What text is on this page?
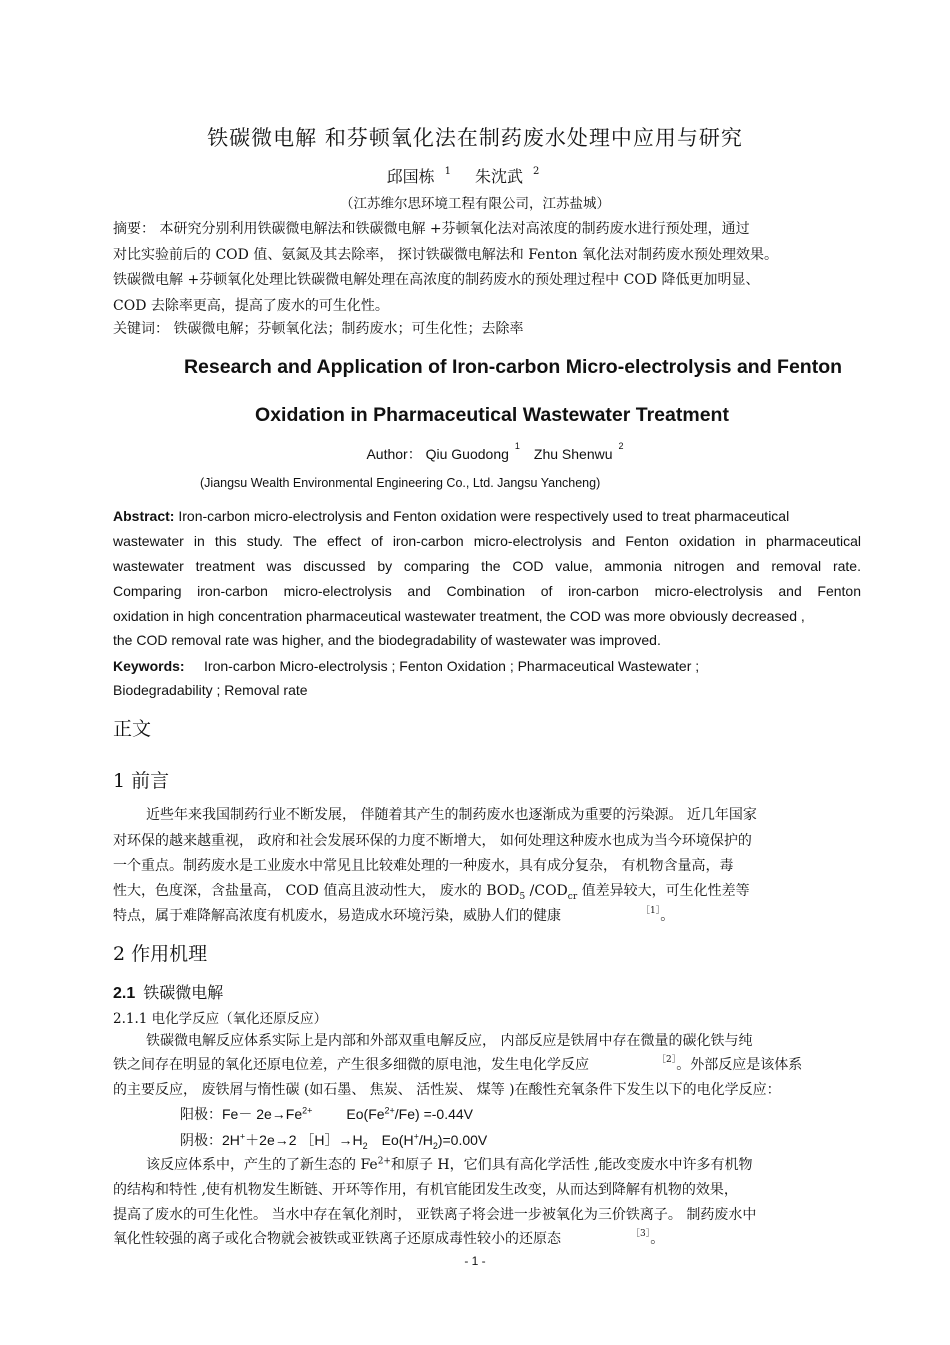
铁碳微电解 和芬顿氧化法在制药废水处理中应用与研究
邱国栋 $^1$ 朱沈武 $^2$
（江苏维尔思环境工程有限公司，江苏盐城）
摘要： 本研究分别利用铁碳微电解法和铁碳微电解 +芬顿氧化法对高浓度的制药废水进行预处理，通过
对比实验前后的 COD 值、氨氮及其去除率， 探讨铁碳微电解法和 Fenton 氧化法对制药废水预处理效果。
铁碳微电解 +芬顿氧化处理比铁碳微电解处理在高浓度的制药废水的预处理过程中 COD 降低更加明显、
COD 去除率更高，提高了废水的可生化性。
关键词： 铁碳微电解；芬顿氧化法；制药废水；可生化性；去除率
Research and Application of Iron-carbon Micro-electrolysis and Fenton
Oxidation in Pharmaceutical Wastewater Treatment
Author： Qiu Guodong $^1$ Zhu Shenwu $^2$
(Jiangsu Wealth Environmental Engineering Co., Ltd. Jangsu Yancheng)
Abstract: Iron-carbon micro-electrolysis and Fenton oxidation were respectively used to treat pharmaceutical
wastewater in this study. The effect of iron-carbon micro-electrolysis and Fenton oxidation in pharmaceutical
wastewater treatment was discussed by comparing the COD value, ammonia nitrogen and removal rate.
Comparing iron-carbon micro-electrolysis and Combination of iron-carbon micro-electrolysis and Fenton
oxidation in high concentration pharmaceutical wastewater treatment, the COD was more obviously decreased ,
the COD removal rate was higher, and the biodegradability of wastewater was improved.
Keywords: Iron-carbon Micro-electrolysis ; Fenton Oxidation ; Pharmaceutical Wastewater ;
Biodegradability ; Removal rate
正文
1 前言
近些年来我国制药行业不断发展， 伴随着其产生的制药废水也逐渐成为重要的污染源。 近几年国家
对环保的越来越重视， 政府和社会发展环保的力度不断增大， 如何处理这种废水也成为当今环境保护的
一个重点。制药废水是工业废水中常见且比较难处理的一种废水，具有成分复杂， 有机物含量高，毒
性大，色度深，含盐量高， COD 值高且波动性大， 废水的 $BOD_5$ $/COD_{cr}$ 值差异较大，可生化性差等
特点，属于难降解高浓度有机废水，易造成水环境污染，威胁人们的健康	$^{[1]}$。
2 作用机理
2.1 铁碳微电解
2.1.1 电化学反应（氧化还原反应）
铁碳微电解反应体系实际上是内部和外部双重电解反应， 内部反应是铁屑中存在微量的碳化铁与纯
铁之间存在明显的氧化还原电位差，产生很多细微的原电池，发生电化学反应	$^{[2]}$。外部反应是该体系
的主要反应， 废铁屑与惰性碳 (如石墨、 焦炭、 活性炭、 煤等 )在酸性充氧条件下发生以下的电化学反应：
阳极：$Fe- 2e\to Fe^{2+}$ $Eo(Fe^{2+}/Fe) =-0.44V$
阴极：2H+＋2e→2 $[H]\to H_2$ $Eo(H^+/H_2)=0.00V$
该反应体系中，产生的了新生态的 $Fe^{2+}$和原子 H，它们具有高化学活性 ,能改变废水中许多有机物
的结构和特性 ,使有机物发生断链、开环等作用，有机官能团发生改变，从而达到降解有机物的效果，
提高了废水的可生化性。 当水中存在氧化剂时， 亚铁离子将会进一步被氧化为三价铁离子。 制药废水中
氧化性较强的离子或化合物就会被铁或亚铁离子还原成毒性较小的还原态	$^{[3]}$。
- 1 -
